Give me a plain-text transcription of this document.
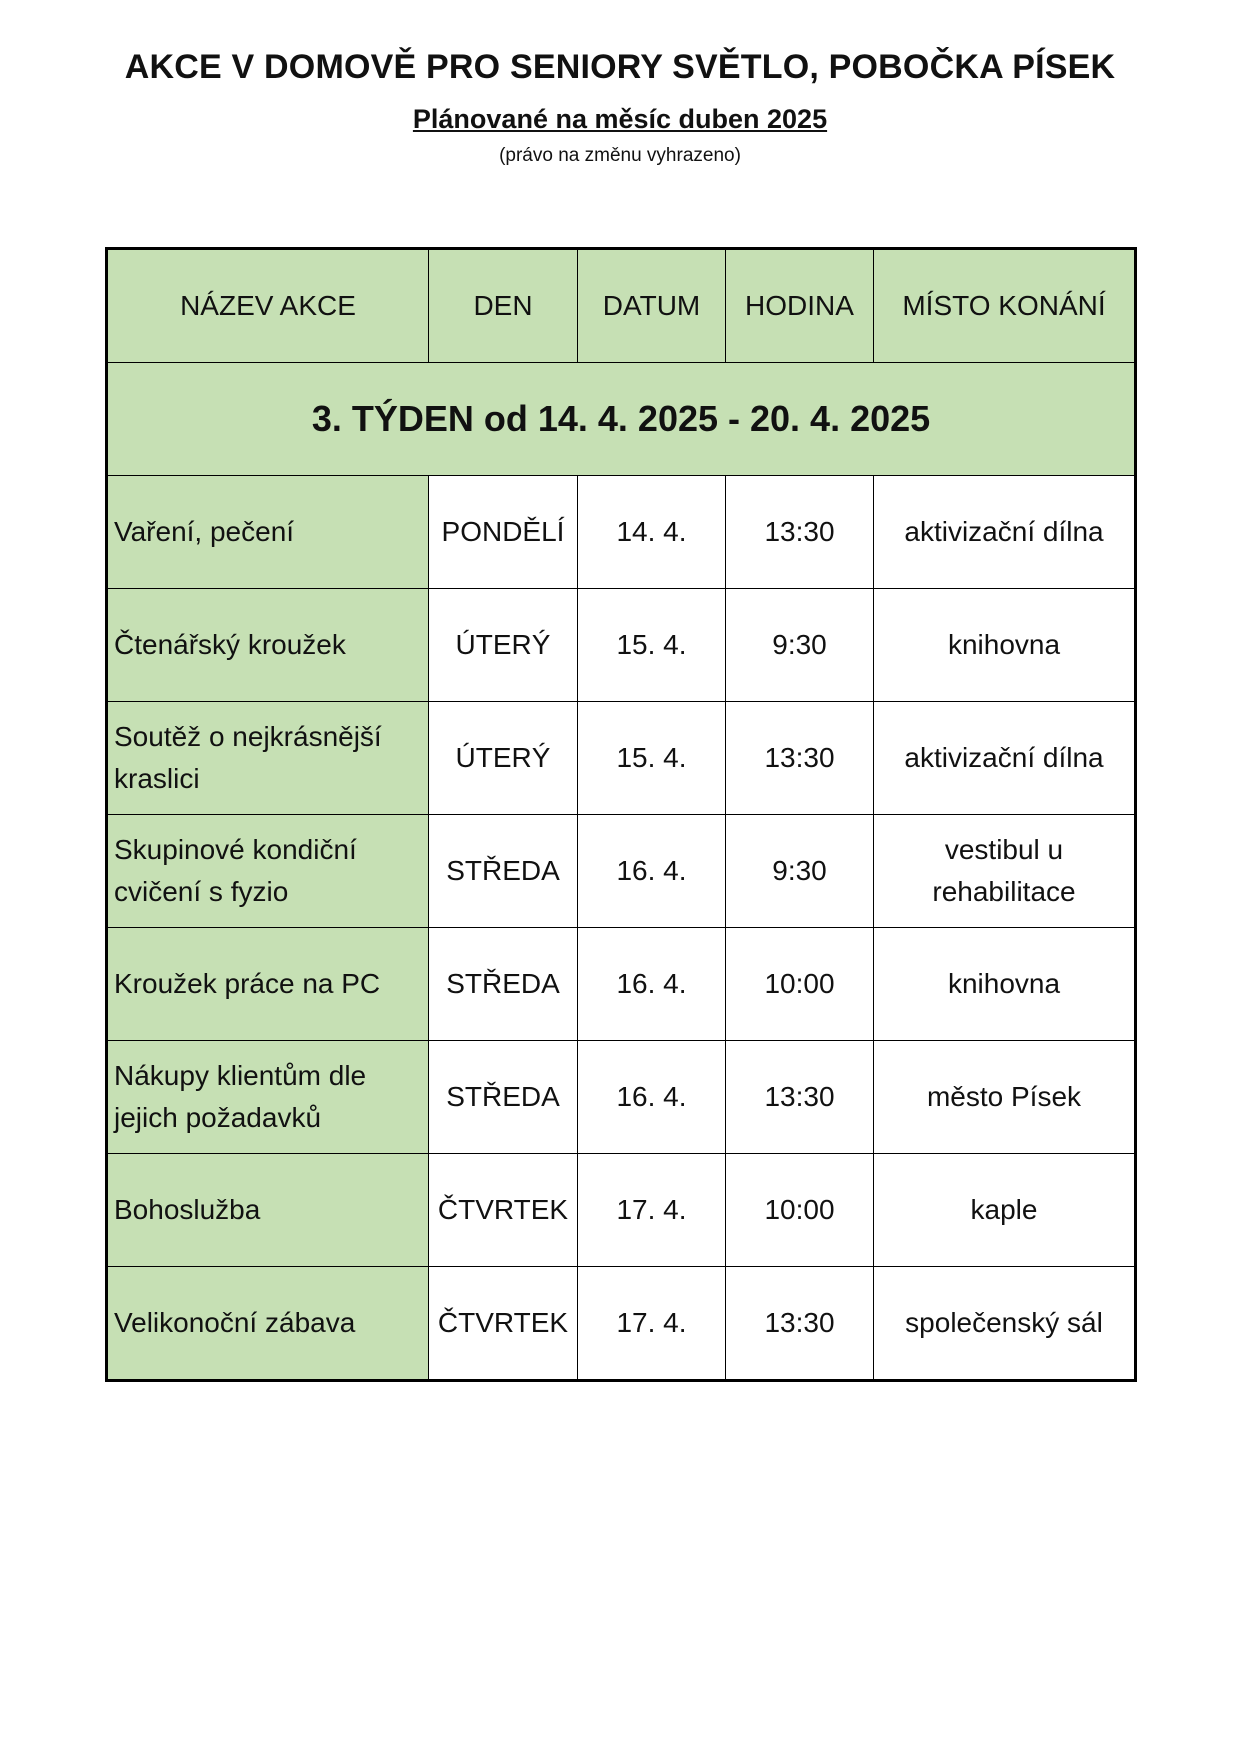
AKCE V DOMOVĚ PRO SENIORY SVĚTLO, POBOČKA PÍSEK
Plánované na měsíc duben 2025
(právo na změnu vyhrazeno)
NÁZEV AKCE	DEN	DATUM	HODINA	MÍSTO KONÁNÍ
3. TÝDEN od 14. 4. 2025 - 20. 4. 2025				
Vaření, pečení	PONDĚLÍ	14. 4.	13:30	aktivizační dílna
Čtenářský kroužek	ÚTERÝ	15. 4.	9:30	knihovna
Soutěž o nejkrásnější kraslici	ÚTERÝ	15. 4.	13:30	aktivizační dílna
Skupinové kondiční cvičení s fyzio	STŘEDA	16. 4.	9:30	vestibul u rehabilitace
Kroužek práce na PC	STŘEDA	16. 4.	10:00	knihovna
Nákupy klientům dle jejich požadavků	STŘEDA	16. 4.	13:30	město Písek
Bohoslužba	ČTVRTEK	17. 4.	10:00	kaple
Velikonoční zábava	ČTVRTEK	17. 4.	13:30	společenský sál
